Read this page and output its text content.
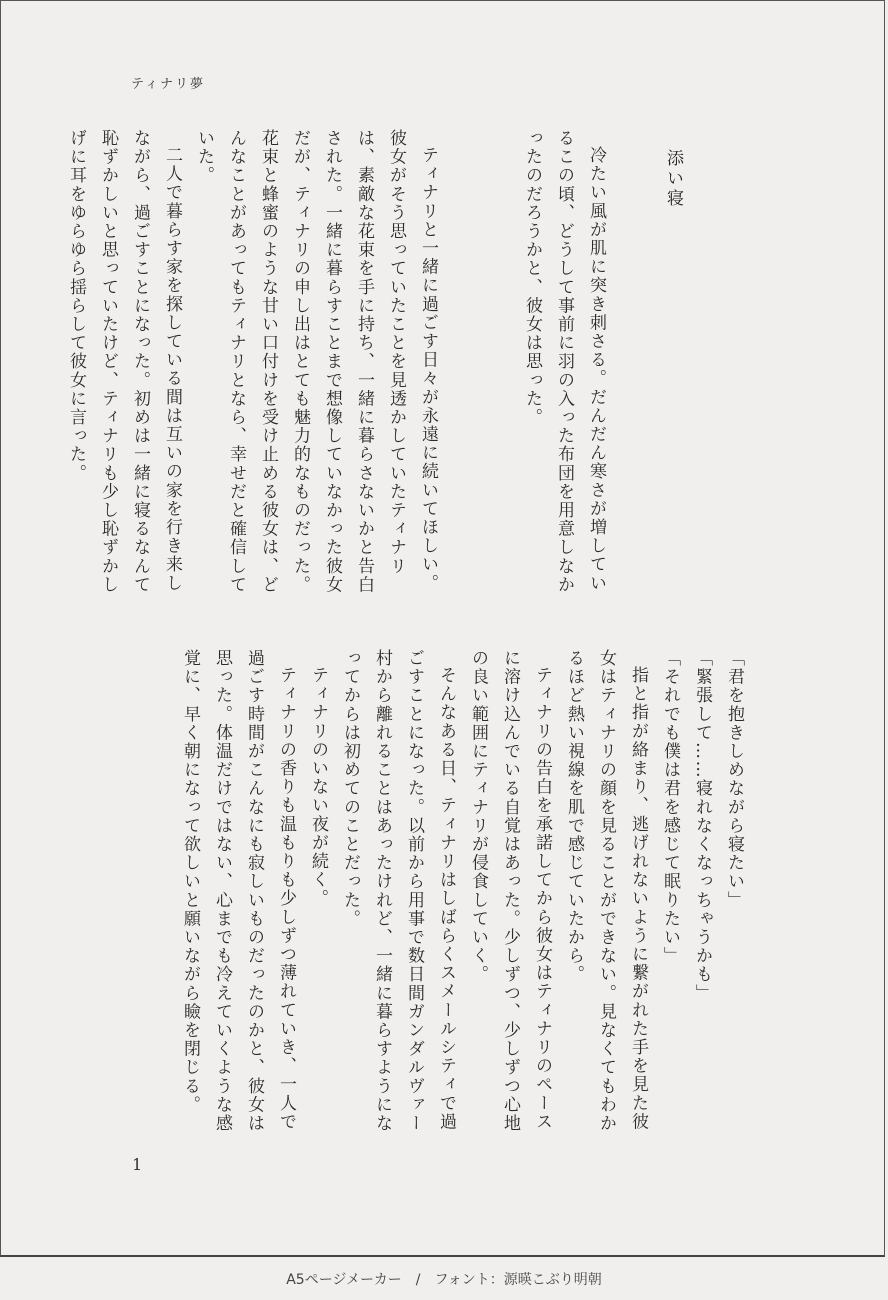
ティナリ夢
添い寝

冷たい風が肌に突き刺さる。だんだん寒さが増しているこの頃、どうして事前に羽の入った布団を用意しなかったのだろうかと、彼女は思った。

ティナリと一緒に過ごす日々が永遠に続いてほしい。彼女がそう思っていたことを見透かしていたティナリは、素敵な花束を手に持ち、一緒に暮らさないかと告白された。一緒に暮らすことまで想像していなかった彼女だが、ティナリの申し出はとても魅力的なものだった。花束と蜂蜜のような甘い口付けを受け止める彼女は、どんなことがあってもティナリとなら、幸せだと確信していた。

二人で暮らす家を探している間は互いの家を行き来しながら、過ごすことになった。初めは一緒に寝るなんて恥ずかしいと思っていたけど、ティナリも少し恥ずかしげに耳をゆらゆら揺らして彼女に言った。

「君を抱きしめながら寝たい」

「緊張して……寝れなくなっちゃうかも」

「それでも僕は君を感じて眠りたい」

指と指が絡まり、逃げれないように繋がれた手を見た彼女はティナリの顔を見ることができない。見なくてもわかるほど熱い視線を肌で感じていたから。

ティナリの告白を承諾してから彼女はティナリのペースに溶け込んでいる自覚はあった。少しずつ、少しずつ心地の良い範囲にティナリが侵食していく。

そんなある日、ティナリはしばらくスメールシティで過ごすことになった。以前から用事で数日間ガンダルヴァー村から離れることはあったけれど、一緒に暮らすようになってからは初めてのことだった。

ティナリのいない夜が続く。

ティナリの香りも温もりも少しずつ薄れていき、一人で過ごす時間がこんなにも寂しいものだったのかと、彼女は思った。体温だけではない、心までも冷えていくような感覚に、早く朝になって欲しいと願いながら瞼を閉じる。

1
A5ページメーカー　/　フォント：源暎こぶり明朝
